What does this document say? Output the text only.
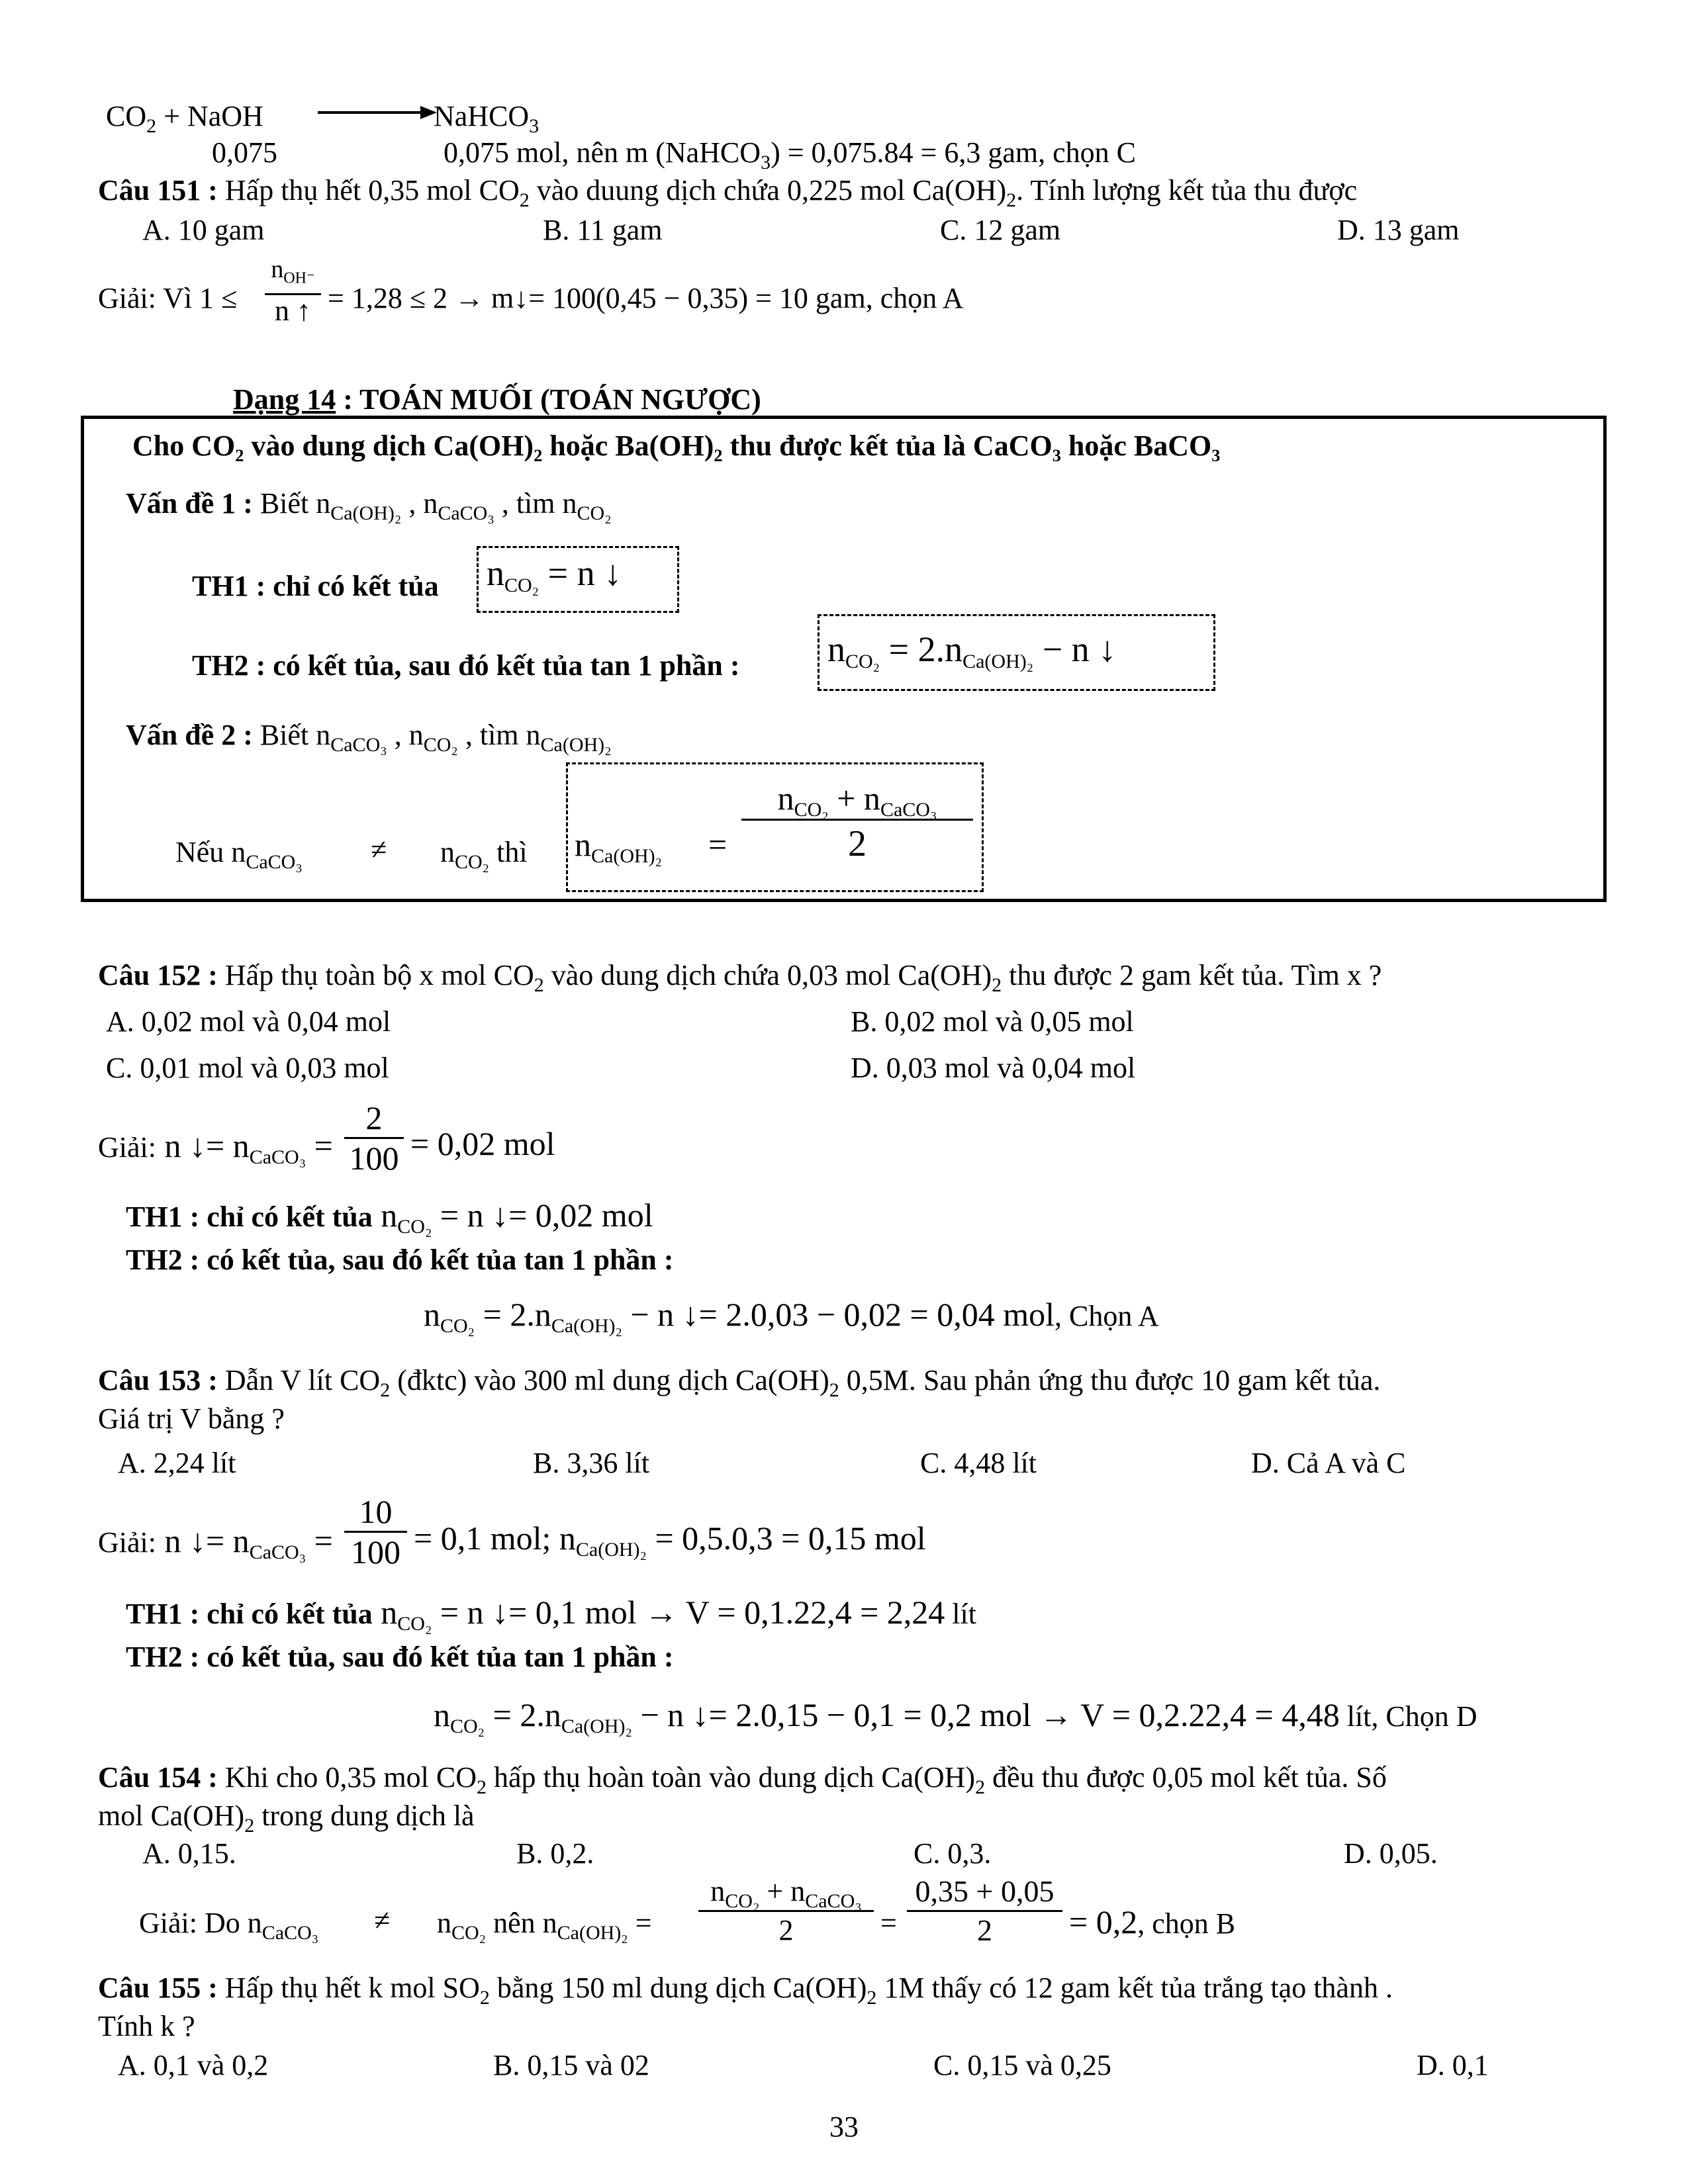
$CO_2$ + NaOH	NaHCO$_3$
0,075	0,075 mol, nên m (NaHCO$_3$) = 0,075.84 = 6,3 gam, chọn C
Câu 151 : Hấp thụ hết 0,35 mol $CO_2$ vào duung dịch chứa 0,225 mol $Ca(OH)_2$. Tính lượng kết tủa thu được
A. 10 gam	B. 11 gam	C. 12 gam	D. 13 gam
Giải: Vì 1 ≤
$n_{OH^-}$
n ↑ = 1,28 ≤ 2 → m↓= 100(0,45 − 0,35) = 10 gam, chọn A
Dạng 14 : TOÁN MUỐI (TOÁN NGƯỢC)
Cho CO₂ vào dung dịch Ca(OH)₂ hoặc Ba(OH)₂ thu được kết tủa là CaCO₃ hoặc BaCO₃
Vấn đề 1 : Biết $n_{Ca(OH)_2}$ , $n_{CaCO_3}$ , tìm $n_{CO_2}$
TH1 : chỉ có kết tủa $n_{CO_2} = n$ ↓
TH2 : có kết tủa, sau đó kết tủa tan 1 phần : $n_{CO_2} = 2.n_{Ca(OH)_2} - n$ ↓
Vấn đề 2 : Biết $n_{CaCO_3}$ , $n_{CO_2}$ , tìm $n_{Ca(OH)_2}$
Nếu $n_{CaCO_3} \ne n_{CO_2}$ thì $n_{Ca(OH)_2}$ =
$n_{CO_2} + n_{CaCO_3}$
2
Câu 152 : Hấp thụ toàn bộ x mol $CO_2$ vào dung dịch chứa 0,03 mol $Ca(OH)_2$ thu được 2 gam kết tủa. Tìm x ?
A. 0,02 mol và 0,04 mol	B. 0,02 mol và 0,05 mol
C. 0,01 mol và 0,03 mol	D. 0,03 mol và 0,04 mol
Giải: n ↓= $n_{CaCO_3}$ =
2
100 = 0,02 mol
TH1 : chỉ có kết tủa $n_{CO_2} = n$ ↓= 0,02 mol
TH2 : có kết tủa, sau đó kết tủa tan 1 phần :
$n_{CO_2} = 2.n_{Ca(OH)_2} - n$ ↓= 2.0,03 − 0,02 = 0,04 mol, Chọn A
Câu 153 : Dẫn V lít $CO_2$ (đktc) vào 300 ml dung dịch $Ca(OH)_2$ 0,5M. Sau phản ứng thu được 10 gam kết tủa.
Giá trị V bằng ?
A. 2,24 lít	B. 3,36 lít	C. 4,48 lít	D. Cả A và C
Giải: n ↓= $n_{CaCO_3}$ =
10
100 = 0,1 mol; $n_{Ca(OH)_2} = 0,5.0,3 = 0,15$ mol
TH1 : chỉ có kết tủa $n_{CO_2} = n$ ↓= 0,1 mol → V = 0,1.22,4 = 2,24 lít
TH2 : có kết tủa, sau đó kết tủa tan 1 phần :
$n_{CO_2} = 2.n_{Ca(OH)_2} - n$ ↓= 2.0,15 − 0,1 = 0,2 mol → V = 0,2.22,4 = 4,48 lít, Chọn D
Câu 154 : Khi cho 0,35 mol $CO_2$ hấp thụ hoàn toàn vào dung dịch $Ca(OH)_2$ đều thu được 0,05 mol kết tủa. Số
mol $Ca(OH)_2$ trong dung dịch là
A. 0,15.	B. 0,2.	C. 0,3.	D. 0,05.
Giải: Do $n_{CaCO_3} \ne n_{CO_2}$ nên $n_{Ca(OH)_2}$ =
$n_{CO_2} + n_{CaCO_3}$
2	=
0,35 + 0,05
2	= 0,2, chọn B
Câu 155 : Hấp thụ hết k mol $SO_2$ bằng 150 ml dung dịch $Ca(OH)_2$ 1M thấy có 12 gam kết tủa trắng tạo thành .
Tính k ?
A. 0,1 và 0,2	B. 0,15 và 02	C. 0,15 và 0,25	D. 0,1
33
